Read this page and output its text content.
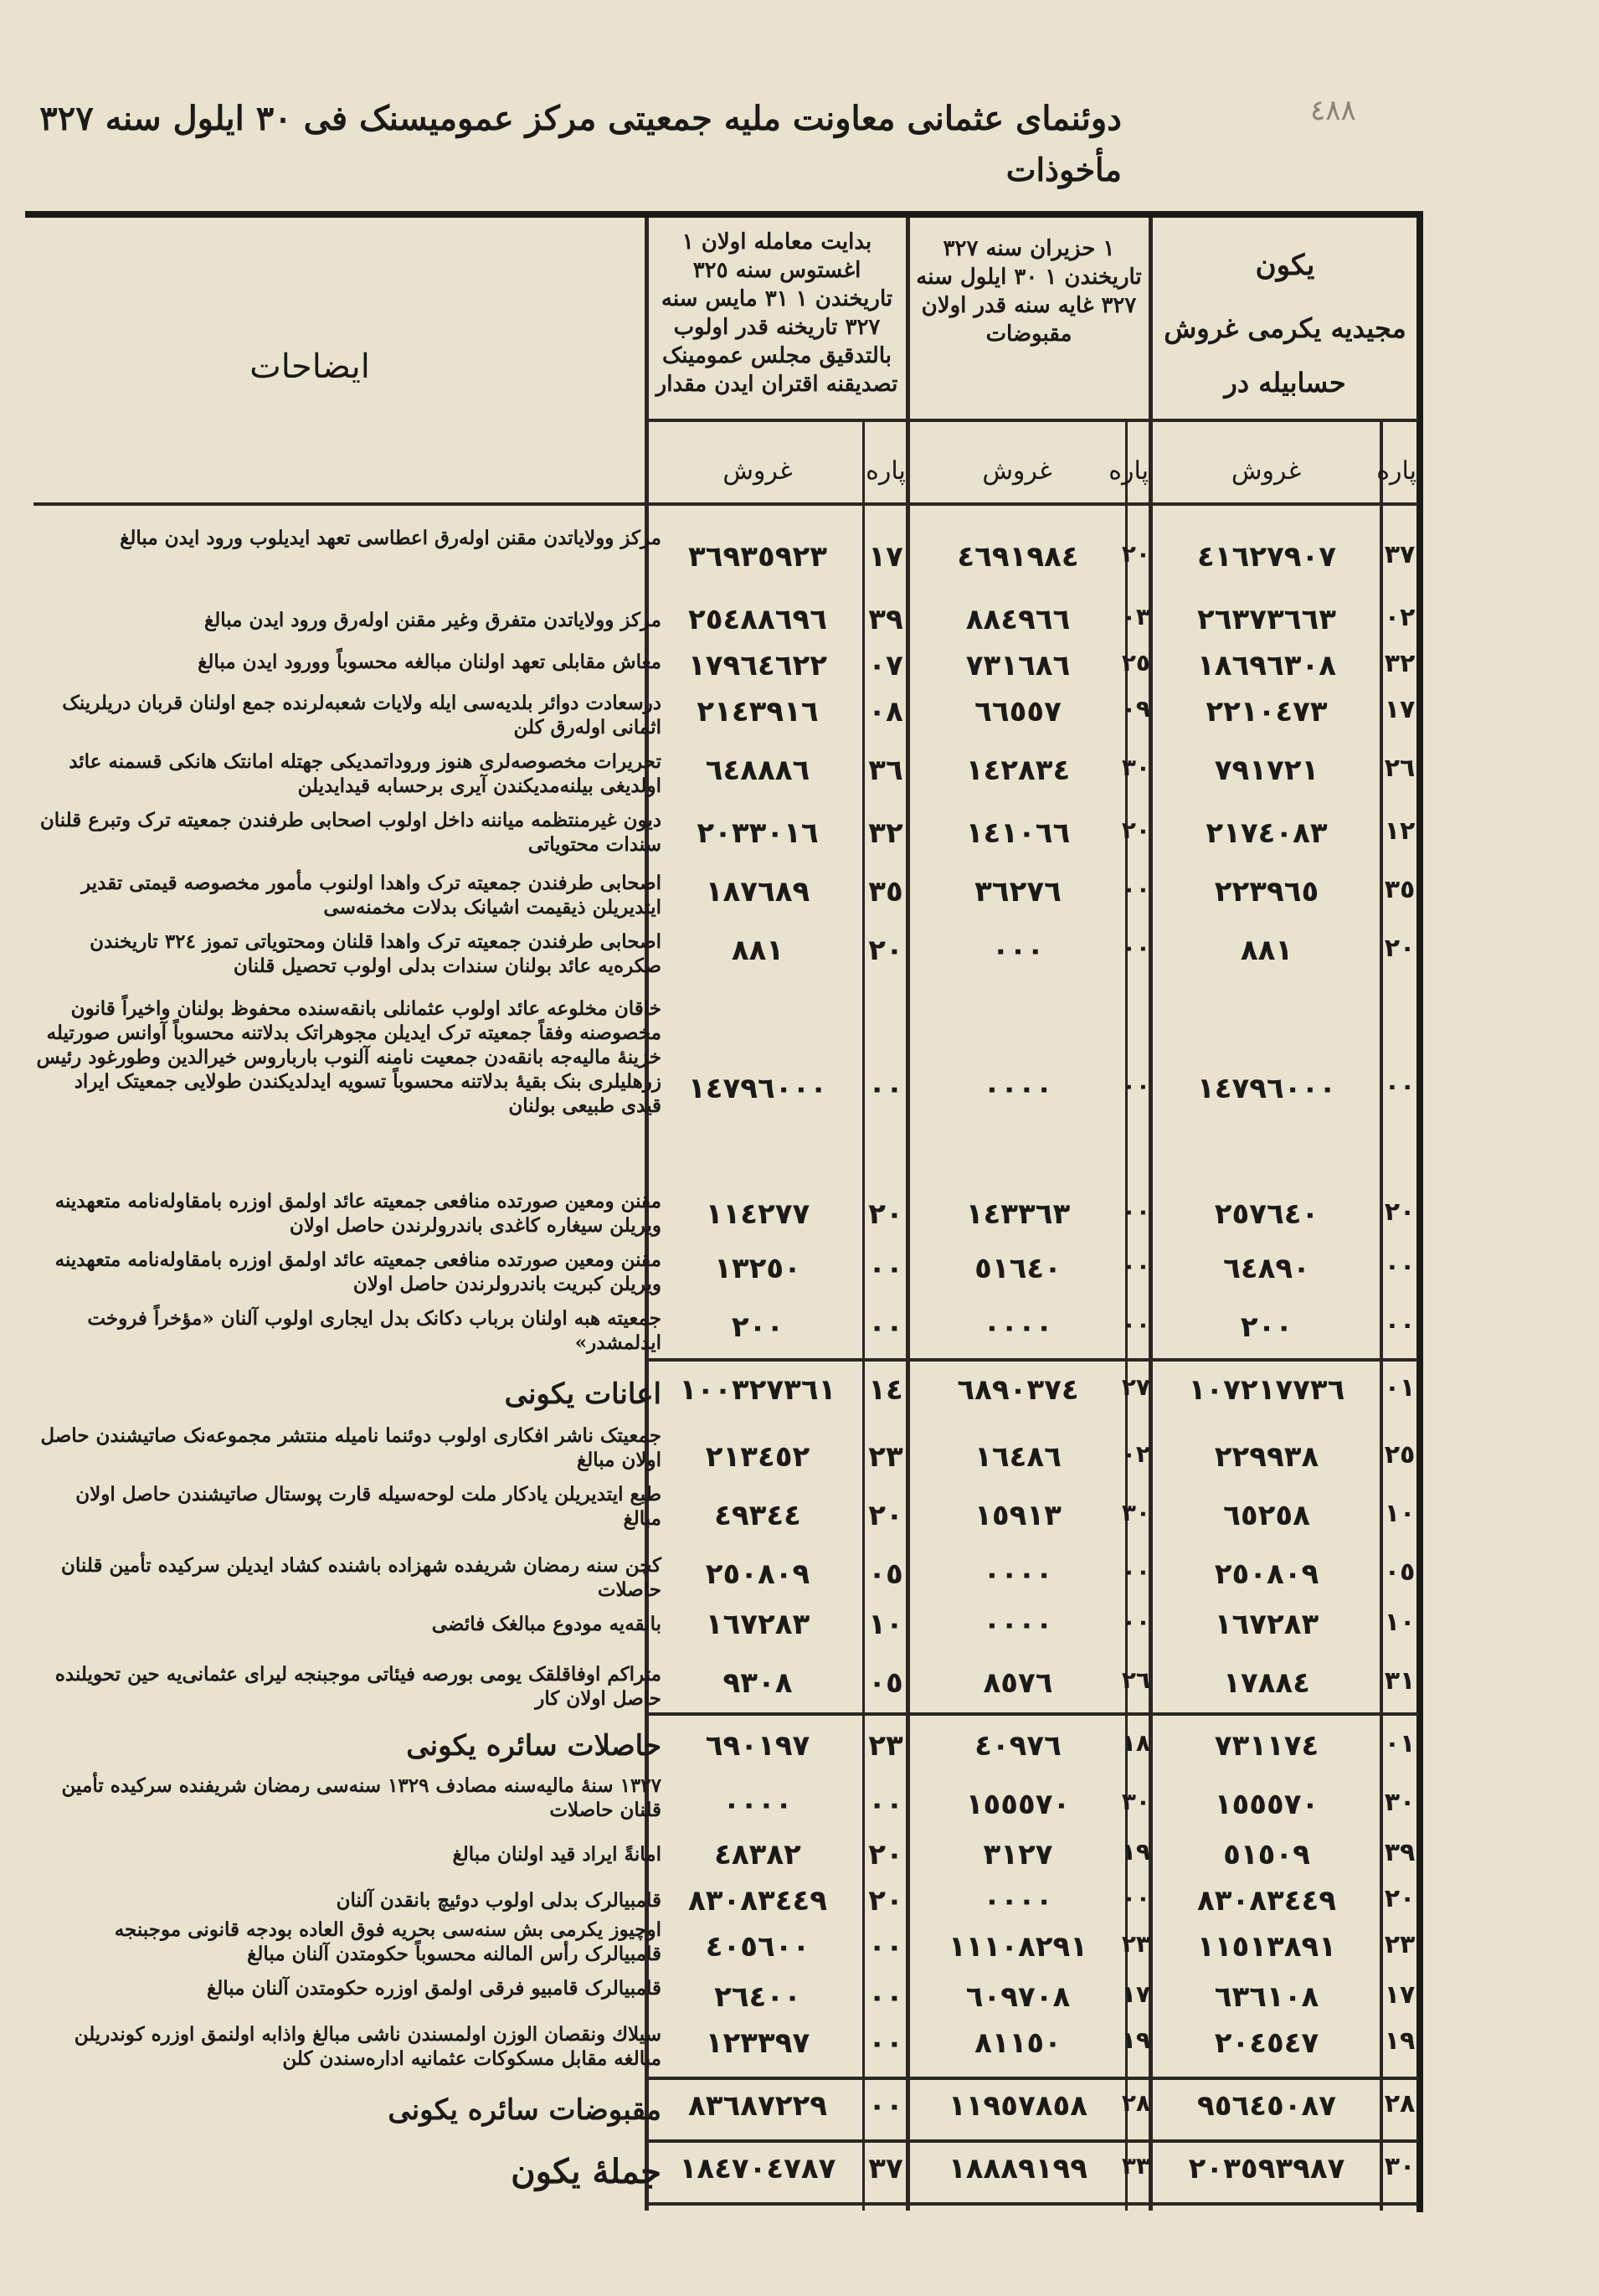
٤٨٨
دوئنمای عثمانی معاونت ملیه جمعیتی مرکز عمومیسنک فی ٣٠ ایلول سنه ٣٢٧
مأخوذات
ایضاحات
بدایت معامله اولان ١ اغستوس سنه ٣٢٥ تاریخندن ١ ٣١ مایس سنه ٣٢٧ تاریخنه قدر اولوب بالتدقیق مجلس عمومینک تصدیقنه اقتران ایدن مقدار
١ حزیران سنه ٣٢٧ تاریخندن ١ ٣٠ ایلول سنه ٣٢٧ غایه سنه قدر اولان مقبوضات
یکون
مجیدیه یکرمی غروش
حسابیله در
غروش	پاره	غروش	پاره	غروش	پاره
مرکز وولایاتدن مقنن اوله‌رق اعطاسی تعهد ایدیلوب ورود ایدن مبالغ
٣٦٩٣٥٩٢٣	١٧	٤٦٩١٩٨٤	٢٠	٤١٦٢٧٩٠٧	٣٧
مرکز وولایاتدن متفرق وغیر مقنن اوله‌رق ورود ایدن مبالغ ٢٥٤٨٨٦٩٦	٣٩	٨٨٤٩٦٦	٠٣	٢٦٣٧٣٦٦٣	٠٢
معاش مقابلی تعهد اولنان مبالغه محسوباً وورود ایدن مبالغ ١٧٩٦٤٦٢٢	٠٧	٧٣١٦٨٦	٢٥	١٨٦٩٦٣٠٨	٣٢
درسعادت دوائر بلدیه‌سی ایله ولایات شعبه‌لرنده جمع اولنان قربان دریلرینک اثمانی اوله‌رق کلن	٢١٤٣٩١٦	٠٨	٦٦٥٥٧	٠٩	٢٢١٠٤٧٣	١٧
تحریرات مخصوصه‌لری هنوز وروداتمدیکی جهتله امانتک هانکی قسمنه عائد اولدیغی بیلنه‌مدیکندن آیری برحسابه قیدایدیلن	٦٤٨٨٨٦	٣٦	١٤٢٨٣٤	٣٠	٧٩١٧٢١	٢٦
دیون غیرمنتظمه میاننه داخل اولوب اصحابی طرفندن جمعیته ترک وتبرع قلنان سندات محتویاتی	٢٠٣٣٠١٦	٣٢	١٤١٠٦٦	٢٠	٢١٧٤٠٨٣	١٢
اصحابی طرفندن جمعیته ترک واهدا اولنوب مأمور مخصوصه قیمتی تقدیر ایتدیریلن ذیقیمت اشیانک بدلات مخمنه‌سی	١٨٧٦٨٩	٣٥	٣٦٢٧٦	٠٠	٢٢٣٩٦٥	٣٥
اصحابی طرفندن جمعیته ترک واهدا قلنان ومحتویاتی تموز ٣٢٤ تاریخندن صکره‌یه عائد بولنان سندات بدلی اولوب تحصیل قلنان	٨٨١	٢٠	٠٠٠	٠٠	٨٨١	٢٠
خاقان مخلوعه عائد اولوب عثمانلی بانقه‌سنده محفوظ بولنان واخیراً قانون مخصوصنه وفقاً جمعیته ترک ایدیلن مجوهراتک بدلاتنه محسوباً آوانس صورتیله خزینهٔ مالیه‌جه بانقه‌دن جمعیت نامنه آلنوب بارباروس خیرالدین وطورغود رئیس زرهلیلری بنک بقیهٔ بدلاتنه محسوباً تسویه ایدلدیکندن طولایی جمعیتک ایراد قیدی طبیعی بولنان
١٤٧٩٦٠٠٠	٠٠	٠٠٠٠	٠٠	١٤٧٩٦٠٠٠	٠٠
مقنن ومعین صورتده منافعی جمعیته عائد اولمق اوزره بامقاوله‌نامه متعهدینه ویریلن سیغاره کاغدی باندرولرندن حاصل اولان	١١٤٢٧٧	٢٠	١٤٣٣٦٣	٠٠	٢٥٧٦٤٠	٢٠
مقنن ومعین صورتده منافعی جمعیته عائد اولمق اوزره بامقاوله‌نامه متعهدینه ویریلن کبریت باندرولرندن حاصل اولان	١٣٢٥٠	٠٠	٥١٦٤٠	٠٠	٦٤٨٩٠	٠٠
جمعیته هبه اولنان برباب دکانک بدل ایجاری اولوب آلنان «مؤخراً فروخت ایدلمشدر»	٢٠٠	٠٠	٠٠٠٠	٠٠	٢٠٠	٠٠
اعانات یکونی ١٠٠٣٢٧٣٦١	١٤	٦٨٩٠٣٧٤	٢٧	١٠٧٢١٧٧٣٦	٠١
جمعیتک ناشر افکاری اولوب دوئنما نامیله منتشر مجموعه‌نک صاتیشندن حاصل اولان مبالغ	٢١٣٤٥٢	٢٣	١٦٤٨٦	٠٢	٢٢٩٩٣٨	٢٥
طبع ایتدیریلن یادکار ملت لوحه‌سیله قارت پوستال صاتیشندن حاصل اولان مبالغ	٤٩٣٤٤	٢٠	١٥٩١٣	٣٠	٦٥٢٥٨	١٠
کچن سنه رمضان شریفده شهزاده باشنده کشاد ایدیلن سرکیده تأمین قلنان حاصلات	٢٥٠٨٠٩	٠٥	٠٠٠٠	٠٠	٢٥٠٨٠٩	٠٥
بانقه‌یه مودوع مبالغک فائضی	١٦٧٢٨٣	١٠	٠٠٠٠	٠٠	١٦٧٢٨٣	١٠
متراکم اوفاقلقک یومی بورصه فیئاتی موجبنجه لیرای عثمانی‌یه حین تحویلنده حاصل اولان کار	٩٣٠٨	٠٥	٨٥٧٦	٢٦	١٧٨٨٤	٣١
حاصلات سائره یکونی	٦٩٠١٩٧	٢٣	٤٠٩٧٦	١٨	٧٣١١٧٤	٠١
١٣٢٧ سنهٔ مالیه‌سنه مصادف ١٣٢٩ سنه‌سی رمضان شریفنده سرکیده تأمین قلنان حاصلات	٠٠٠٠	٠٠	١٥٥٥٧٠	٣٠	١٥٥٥٧٠	٣٠
امانةً ایراد قید اولنان مبالغ	٤٨٣٨٢	٢٠	٣١٢٧	١٩	٥١٥٠٩	٣٩
قامبیالرک بدلی اولوب دوئیچ بانقدن آلنان ٨٣٠٨٣٤٤٩	٢٠	٠٠٠٠	٠٠	٨٣٠٨٣٤٤٩	٢٠
اوچیوز یکرمی بش سنه‌سی بحریه فوق العاده بودجه قانونی موجبنجه قامبیالرک رأس المالنه محسوباً حکومتدن آلنان مبالغ	٤٠٥٦٠٠	٠٠	١١١٠٨٢٩١	٢٣	١١٥١٣٨٩١	٢٣
قامبیالرک قامبیو فرقی اولمق اوزره حکومتدن آلنان مبالغ	٢٦٤٠٠	٠٠	٦٠٩٧٠٨	١٧	٦٣٦١٠٨	١٧
سیلاك ونقصان الوزن اولمسندن ناشی مبالغ واذابه اولنمق اوزره کوندریلن مبالغه مقابل مسکوکات عثمانیه اداره‌سندن کلن	١٢٣٣٩٧	٠٠	٨١١٥٠	١٩	٢٠٤٥٤٧	١٩
مقبوضات سائره یکونی ٨٣٦٨٧٢٢٩	٠٠	١١٩٥٧٨٥٨	٢٨	٩٥٦٤٥٠٨٧	٢٨
جملهٔ یکون ١٨٤٧٠٤٧٨٧	٣٧	١٨٨٨٩١٩٩	٣٣	٢٠٣٥٩٣٩٨٧	٣٠
